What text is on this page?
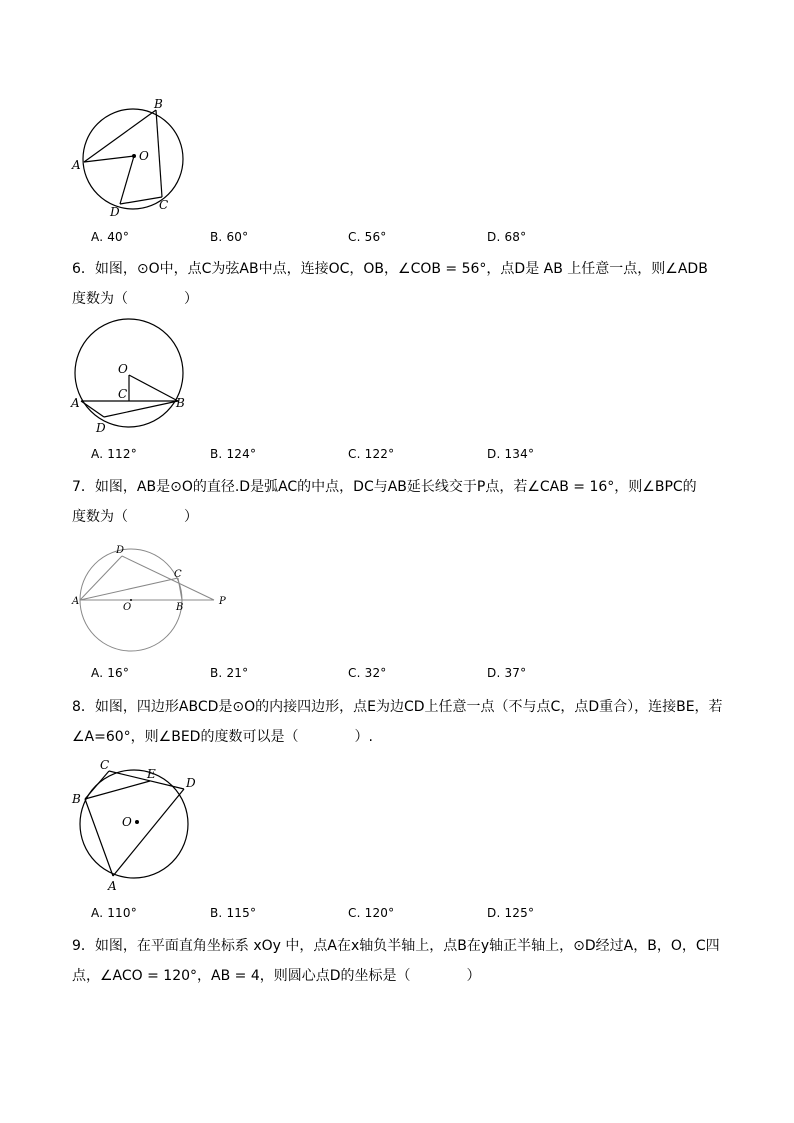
B
A
O
D	C
A. 40°	B. 60°	C. 56°	D. 68°
6．如图，⊙O中，点C为弦AB中点，连接OC，OB，∠COB = 56°，点D是 AB 上任意一点，则∠ADB
度数为（　　　　）
O
C
A	B
D
A. 112°	B. 124°	C. 122°	D. 134°
7．如图，AB是⊙O的直径.D是弧AC的中点，DC与AB延长线交于P点，若∠CAB = 16°，则∠BPC的
度数为（　　　　）
D
C
A
O	B
P
A. 16°	B. 21°	C. 32°	D. 37°
8．如图，四边形ABCD是⊙O的内接四边形，点E为边CD上任意一点（不与点C，点D重合），连接BE，若
∠A=60°，则∠BED的度数可以是（　　　　）.
C
E
D
B
O
A
A. 110°	B. 115°	C. 120°	D. 125°
9．如图，在平面直角坐标系 xOy 中，点A在x轴负半轴上，点B在y轴正半轴上，⊙D经过A，B，O，C四
点，∠ACO = 120°，AB = 4，则圆心点D的坐标是（　　　　）
